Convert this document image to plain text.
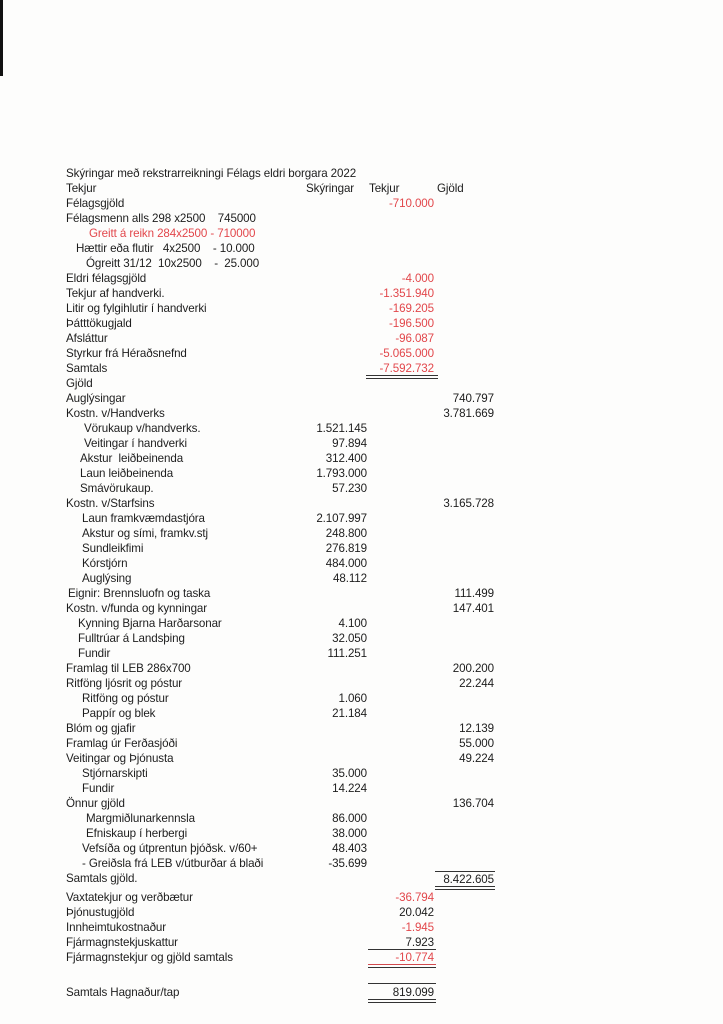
Skýringar með rekstrarreikningi Félags eldri borgara 2022
Tekjur	Skýringar Tekjur	Gjöld
Félagsgjöld	-710.000
Félagsmenn alls 298 x2500    745000
Greitt á reikn 284x2500 - 710000
Hættir eða flutir   4x2500    - 10.000
Ógreitt 31/12  10x2500    -  25.000
Eldri félagsgjöld	-4.000
Tekjur af handverki.	-1.351.940
Litir og fylgihlutir í handverki	-169.205
Þátttökugjald	-196.500
Afsláttur	-96.087
Styrkur frá Héraðsnefnd	-5.065.000
Samtals	-7.592.732
Gjöld
Auglýsingar	740.797
Kostn. v/Handverks	3.781.669
Vörukaup v/handverks.	1.521.145
Veitingar í handverki	97.894
Akstur  leiðbeinenda	312.400
Laun leiðbeinenda	1.793.000
Smávörukaup.	57.230
Kostn. v/Starfsins	3.165.728
Laun framkvæmdastjóra	2.107.997
Akstur og sími, framkv.stj	248.800
Sundleikfimi	276.819
Kórstjórn	484.000
Auglýsing	48.112
Eignir: Brennsluofn og taska	111.499
Kostn. v/funda og kynningar	147.401
Kynning Bjarna Harðarsonar	4.100
Fulltrúar á Landsþing	32.050
Fundir	111.251
Framlag til LEB 286x700	200.200
Ritföng ljósrit og póstur	22.244
Ritföng og póstur	1.060
Pappír og blek	21.184
Blóm og gjafir	12.139
Framlag úr Ferðasjóði	55.000
Veitingar og Þjónusta	49.224
Stjórnarskipti	35.000
Fundir	14.224
Önnur gjöld	136.704
Margmiðlunarkennsla	86.000
Efniskaup í herbergi	38.000
Vefsíða og útprentun þjóðsk. v/60+	48.403
- Greiðsla frá LEB v/útburðar á blaði	-35.699
Samtals gjöld.	8.422.605
Vaxtatekjur og verðbætur	-36.794
Þjónustugjöld	20.042
Innheimtukostnaður	-1.945
Fjármagnstekjuskattur	7.923
Fjármagnstekjur og gjöld samtals	-10.774
Samtals Hagnaður/tap	819.099
